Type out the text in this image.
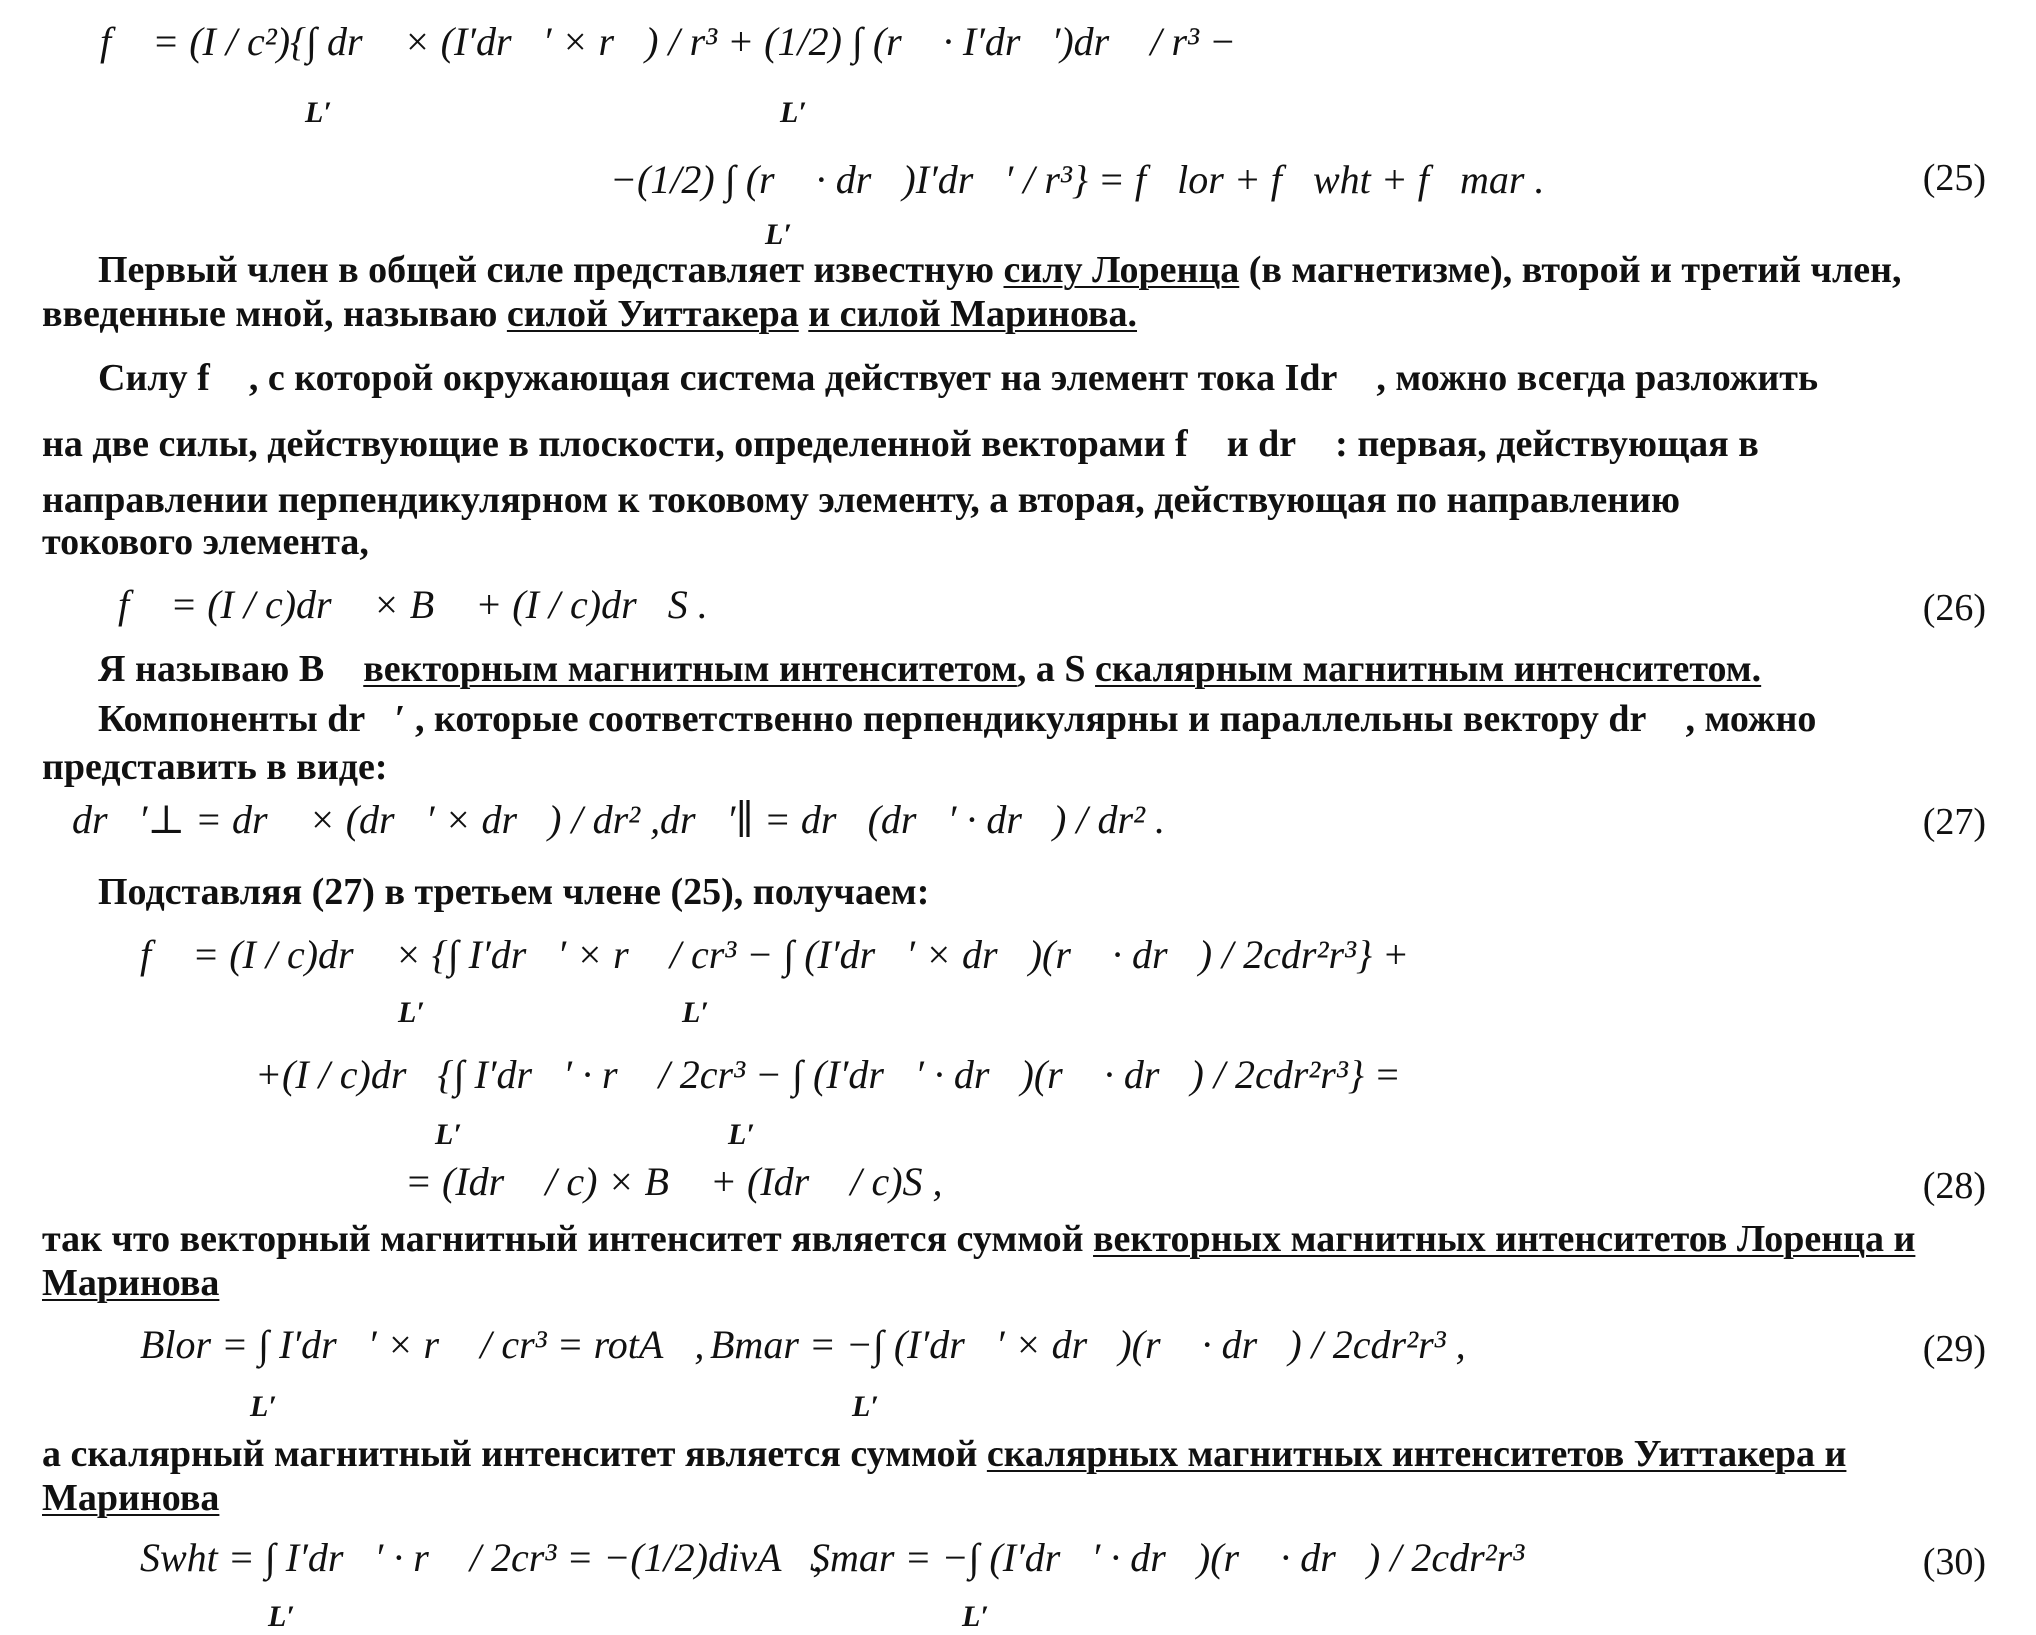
f⃗ = (I / c²){∫ dr⃗ × (I′dr⃗′ × r⃗) / r³ + (1/2) ∫ (r⃗ · I′dr⃗′)dr⃗ / r³ −
L′	L′
−(1/2) ∫ (r⃗ · dr⃗)I′dr⃗′ / r³} = f⃗lor + f⃗wht + f⃗mar .
L′
(25)
Первый член в общей силе представляет известную силу Лоренца (в магнетизме), второй и третий член, введенные мной, называю силой Уиттакера и силой Маринова.
Силу f⃗ , с которой окружающая система действует на элемент тока Idr⃗ , можно всегда разложить
на две силы, действующие в плоскости, определенной векторами f⃗ и dr⃗ : первая, действующая в
направлении перпендикулярном к токовому элементу, а вторая, действующая по направлению
токового элемента,
f⃗ = (I / c)dr⃗ × B⃗ + (I / c)dr⃗S .	(26)
Я называю B⃗ векторным магнитным интенситетом, а S скалярным магнитным интенситетом.
Компоненты dr⃗′ , которые соответственно перпендикулярны и параллельны вектору dr⃗ , можно
представить в виде:
dr⃗′⊥ = dr⃗ × (dr⃗′ × dr⃗) / dr² , dr⃗′∥ = dr⃗(dr⃗′ · dr⃗) / dr² .	(27)
Подставляя (27) в третьем члене (25), получаем:
f⃗ = (I / c)dr⃗ × {∫ I′dr⃗′ × r⃗ / cr³ − ∫ (I′dr⃗′ × dr⃗)(r⃗ · dr⃗) / 2cdr²r³} +
L′	L′
+(I / c)dr⃗{∫ I′dr⃗′ · r⃗ / 2cr³ − ∫ (I′dr⃗′ · dr⃗)(r⃗ · dr⃗) / 2cdr²r³} =
L′	L′
= (Idr⃗ / c) × B⃗ + (Idr⃗ / c)S ,	(28)
так что векторный магнитный интенситет является суммой векторных магнитных интенситетов Лоренца и Маринова
Blor = ∫ I′dr⃗′ × r⃗ / cr³ = rotA⃗, Bmar = −∫ (I′dr⃗′ × dr⃗)(r⃗ · dr⃗) / 2cdr²r³ ,
L′	L′
(29)
а скалярный магнитный интенситет является суммой скалярных магнитных интенситетов Уиттакера и Маринова
Swht = ∫ I′dr⃗′ · r⃗ / 2cr³ = −(1/2)divA⃗,
Smar = −∫ (I′dr⃗′ · dr⃗)(r⃗ · dr⃗) / 2cdr²r³
L′	L′
(30)
